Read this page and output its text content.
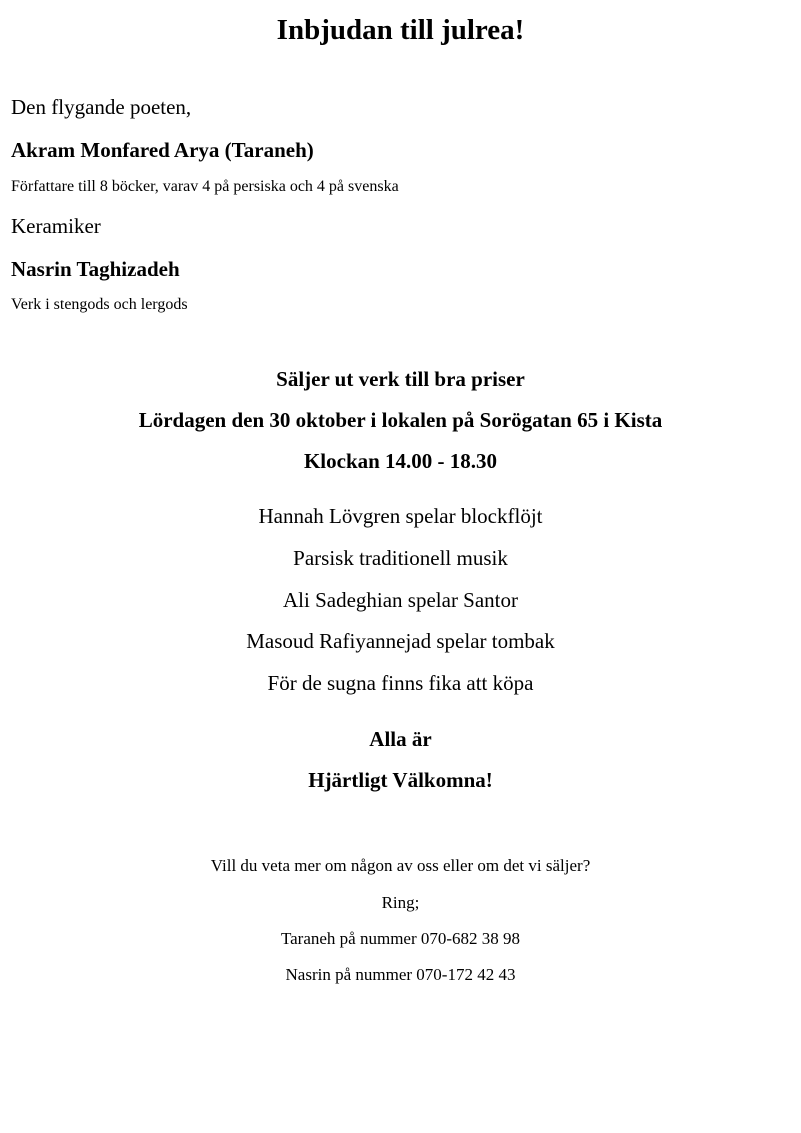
Inbjudan till julrea!
Den flygande poeten,
Akram Monfared Arya (Taraneh)
Författare till 8 böcker, varav 4 på persiska och 4 på svenska
Keramiker
Nasrin Taghizadeh
Verk i stengods och lergods
Säljer ut verk till bra priser
Lördagen den 30 oktober i lokalen på Sorögatan 65 i Kista
Klockan 14.00 - 18.30
Hannah Lövgren spelar blockflöjt
Parsisk traditionell musik
Ali Sadeghian spelar Santor
Masoud Rafiyannejad spelar tombak
För de sugna finns fika att köpa
Alla är
Hjärtligt Välkomna!
Vill du veta mer om någon av oss eller om det vi säljer?
Ring;
Taraneh på nummer 070-682 38 98
Nasrin på nummer 070-172 42 43
